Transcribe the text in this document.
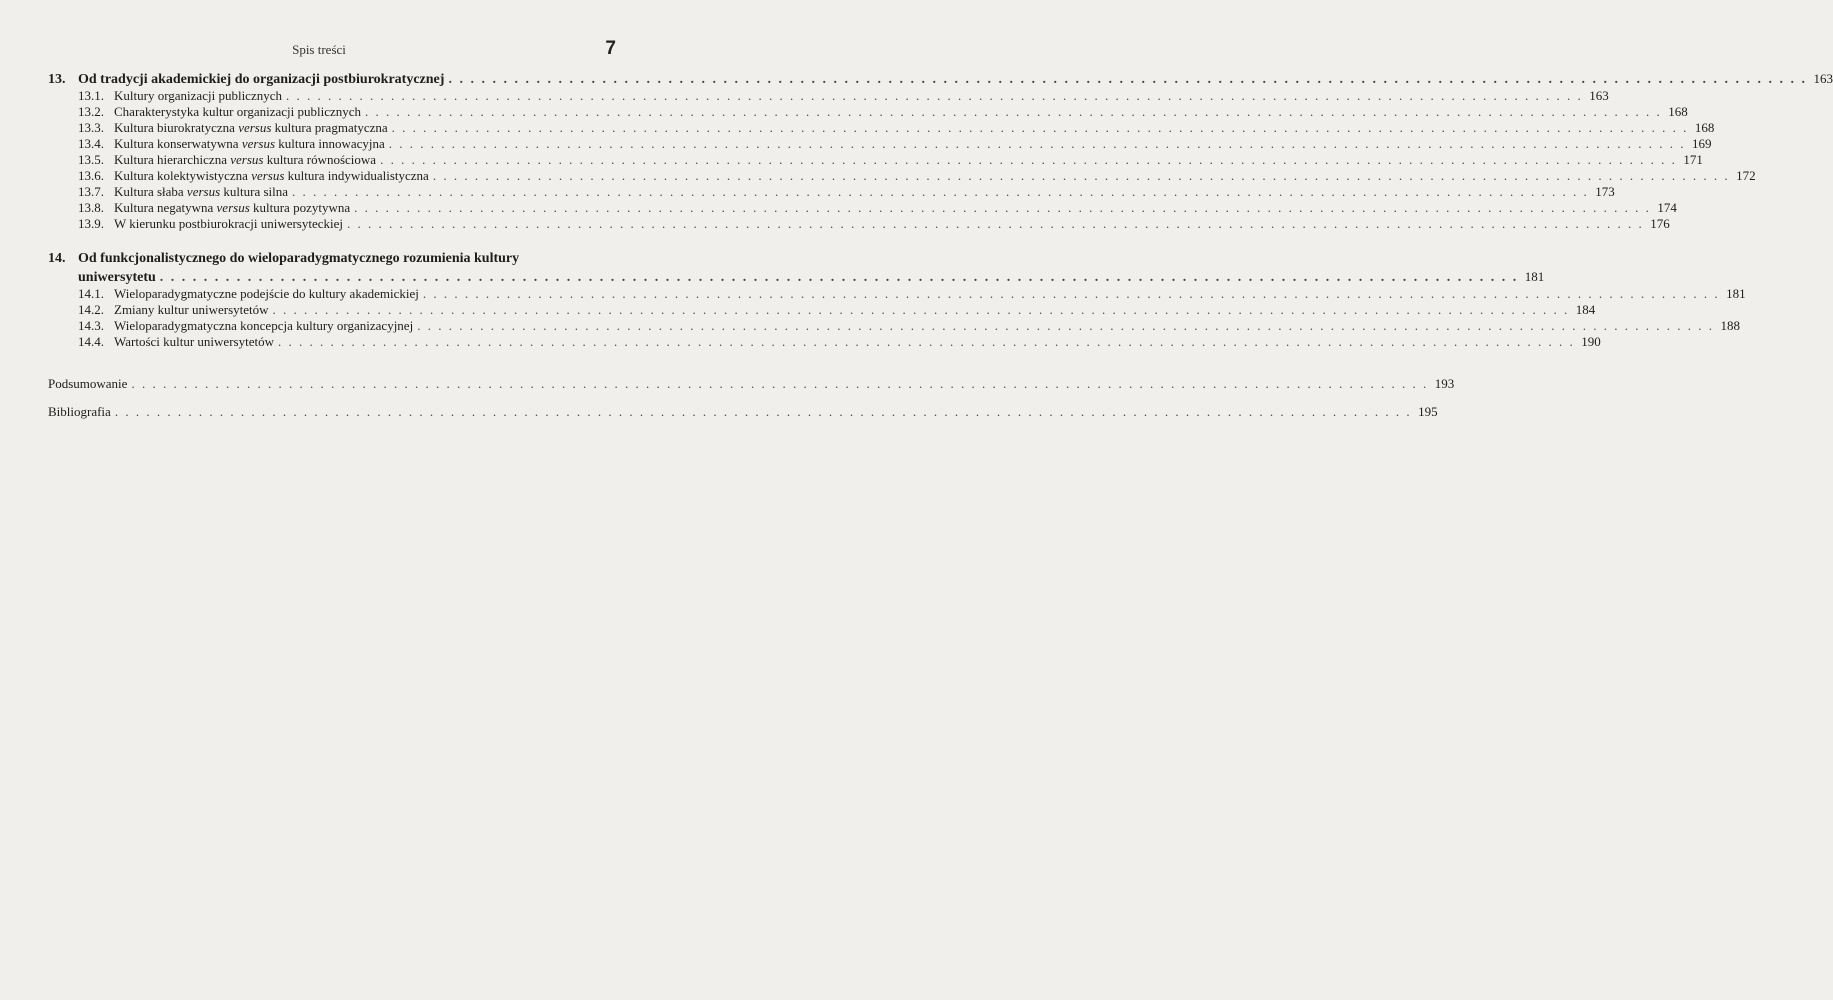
Spis treści	7
13. Od tradycji akademickiej do organizacji postbiurokratycznej . . .	163
13.1. Kultury organizacji publicznych . . .	163
13.2. Charakterystyka kultur organizacji publicznych . . .	168
13.3. Kultura biurokratyczna versus kultura pragmatyczna . . .	168
13.4. Kultura konserwatywna versus kultura innowacyjna . . .	169
13.5. Kultura hierarchiczna versus kultura równościowa . . .	171
13.6. Kultura kolektywistyczna versus kultura indywidualistyczna . . .	172
13.7. Kultura słaba versus kultura silna . . .	173
13.8. Kultura negatywna versus kultura pozytywna . . .	174
13.9. W kierunku postbiurokracji uniwersyteckiej . . .	176
14. Od funkcjonalistycznego do wieloparadygmatycznego rozumienia kultury
uniwersytetu . . .	181
14.1. Wieloparadygmatyczne podejście do kultury akademickiej . . .	181
14.2. Zmiany kultur uniwersytetów . . .	184
14.3. Wieloparadygmatyczna koncepcja kultury organizacyjnej . . .	188
14.4. Wartości kultur uniwersytetów . . .	190
Podsumowanie . . .	193
Bibliografia . . .	195
